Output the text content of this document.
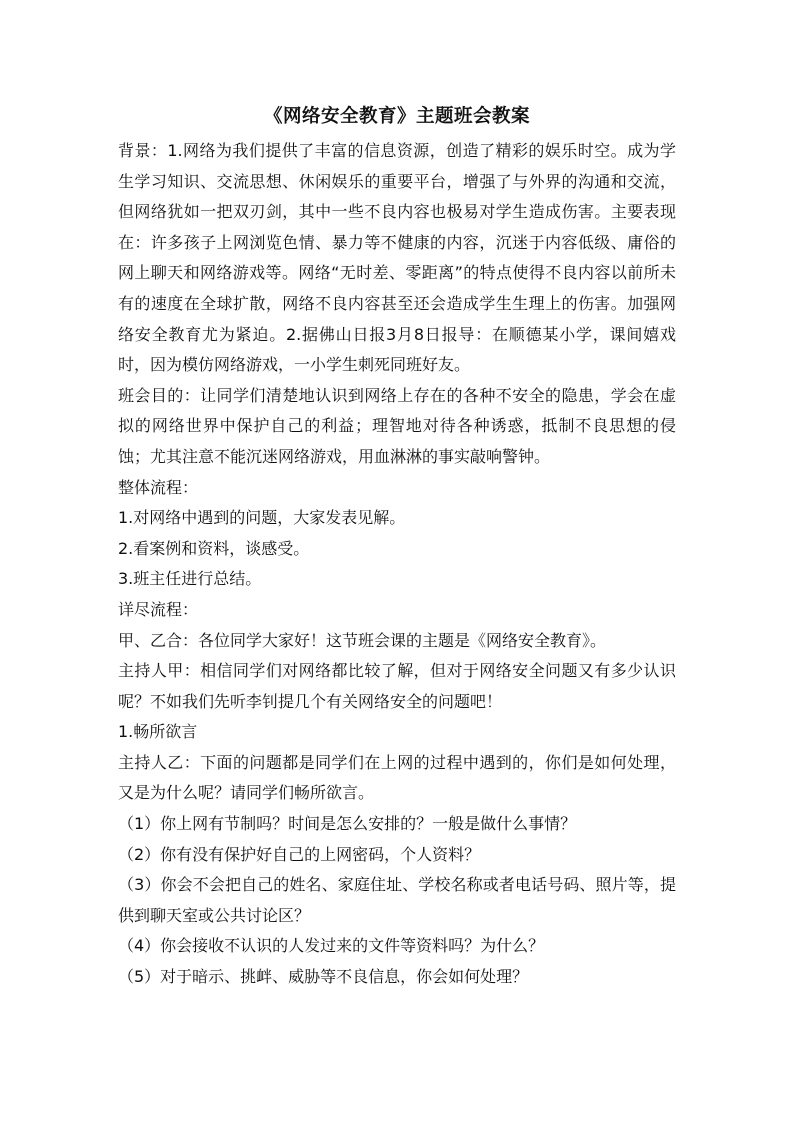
《网络安全教育》主题班会教案

背景：1.网络为我们提供了丰富的信息资源，创造了精彩的娱乐时空。成为学生学习知识、交流思想、休闲娱乐的重要平台，增强了与外界的沟通和交流，但网络犹如一把双刃剑，其中一些不良内容也极易对学生造成伤害。主要表现在：许多孩子上网浏览色情、暴力等不健康的内容，沉迷于内容低级、庸俗的网上聊天和网络游戏等。网络“无时差、零距离”的特点使得不良内容以前所未有的速度在全球扩散，网络不良内容甚至还会造成学生生理上的伤害。加强网络安全教育尤为紧迫。2.据佛山日报3月8日报导：在顺德某小学，课间嬉戏时，因为模仿网络游戏，一小学生刺死同班好友。

班会目的：让同学们清楚地认识到网络上存在的各种不安全的隐患，学会在虚拟的网络世界中保护自己的利益；理智地对待各种诱惑，抵制不良思想的侵蚀；尤其注意不能沉迷网络游戏，用血淋淋的事实敲响警钟。

整体流程：

1.对网络中遇到的问题，大家发表见解。

2.看案例和资料，谈感受。

3.班主任进行总结。

详尽流程：

甲、乙合：各位同学大家好！这节班会课的主题是《网络安全教育》。

主持人甲：相信同学们对网络都比较了解，但对于网络安全问题又有多少认识呢？不如我们先听李钊提几个有关网络安全的问题吧！

1.畅所欲言

主持人乙：下面的问题都是同学们在上网的过程中遇到的，你们是如何处理，又是为什么呢？请同学们畅所欲言。

（1）你上网有节制吗？时间是怎么安排的？一般是做什么事情？

（2）你有没有保护好自己的上网密码，个人资料？

（3）你会不会把自己的姓名、家庭住址、学校名称或者电话号码、照片等，提供到聊天室或公共讨论区？

（4）你会接收不认识的人发过来的文件等资料吗？为什么？

（5）对于暗示、挑衅、威胁等不良信息，你会如何处理？
